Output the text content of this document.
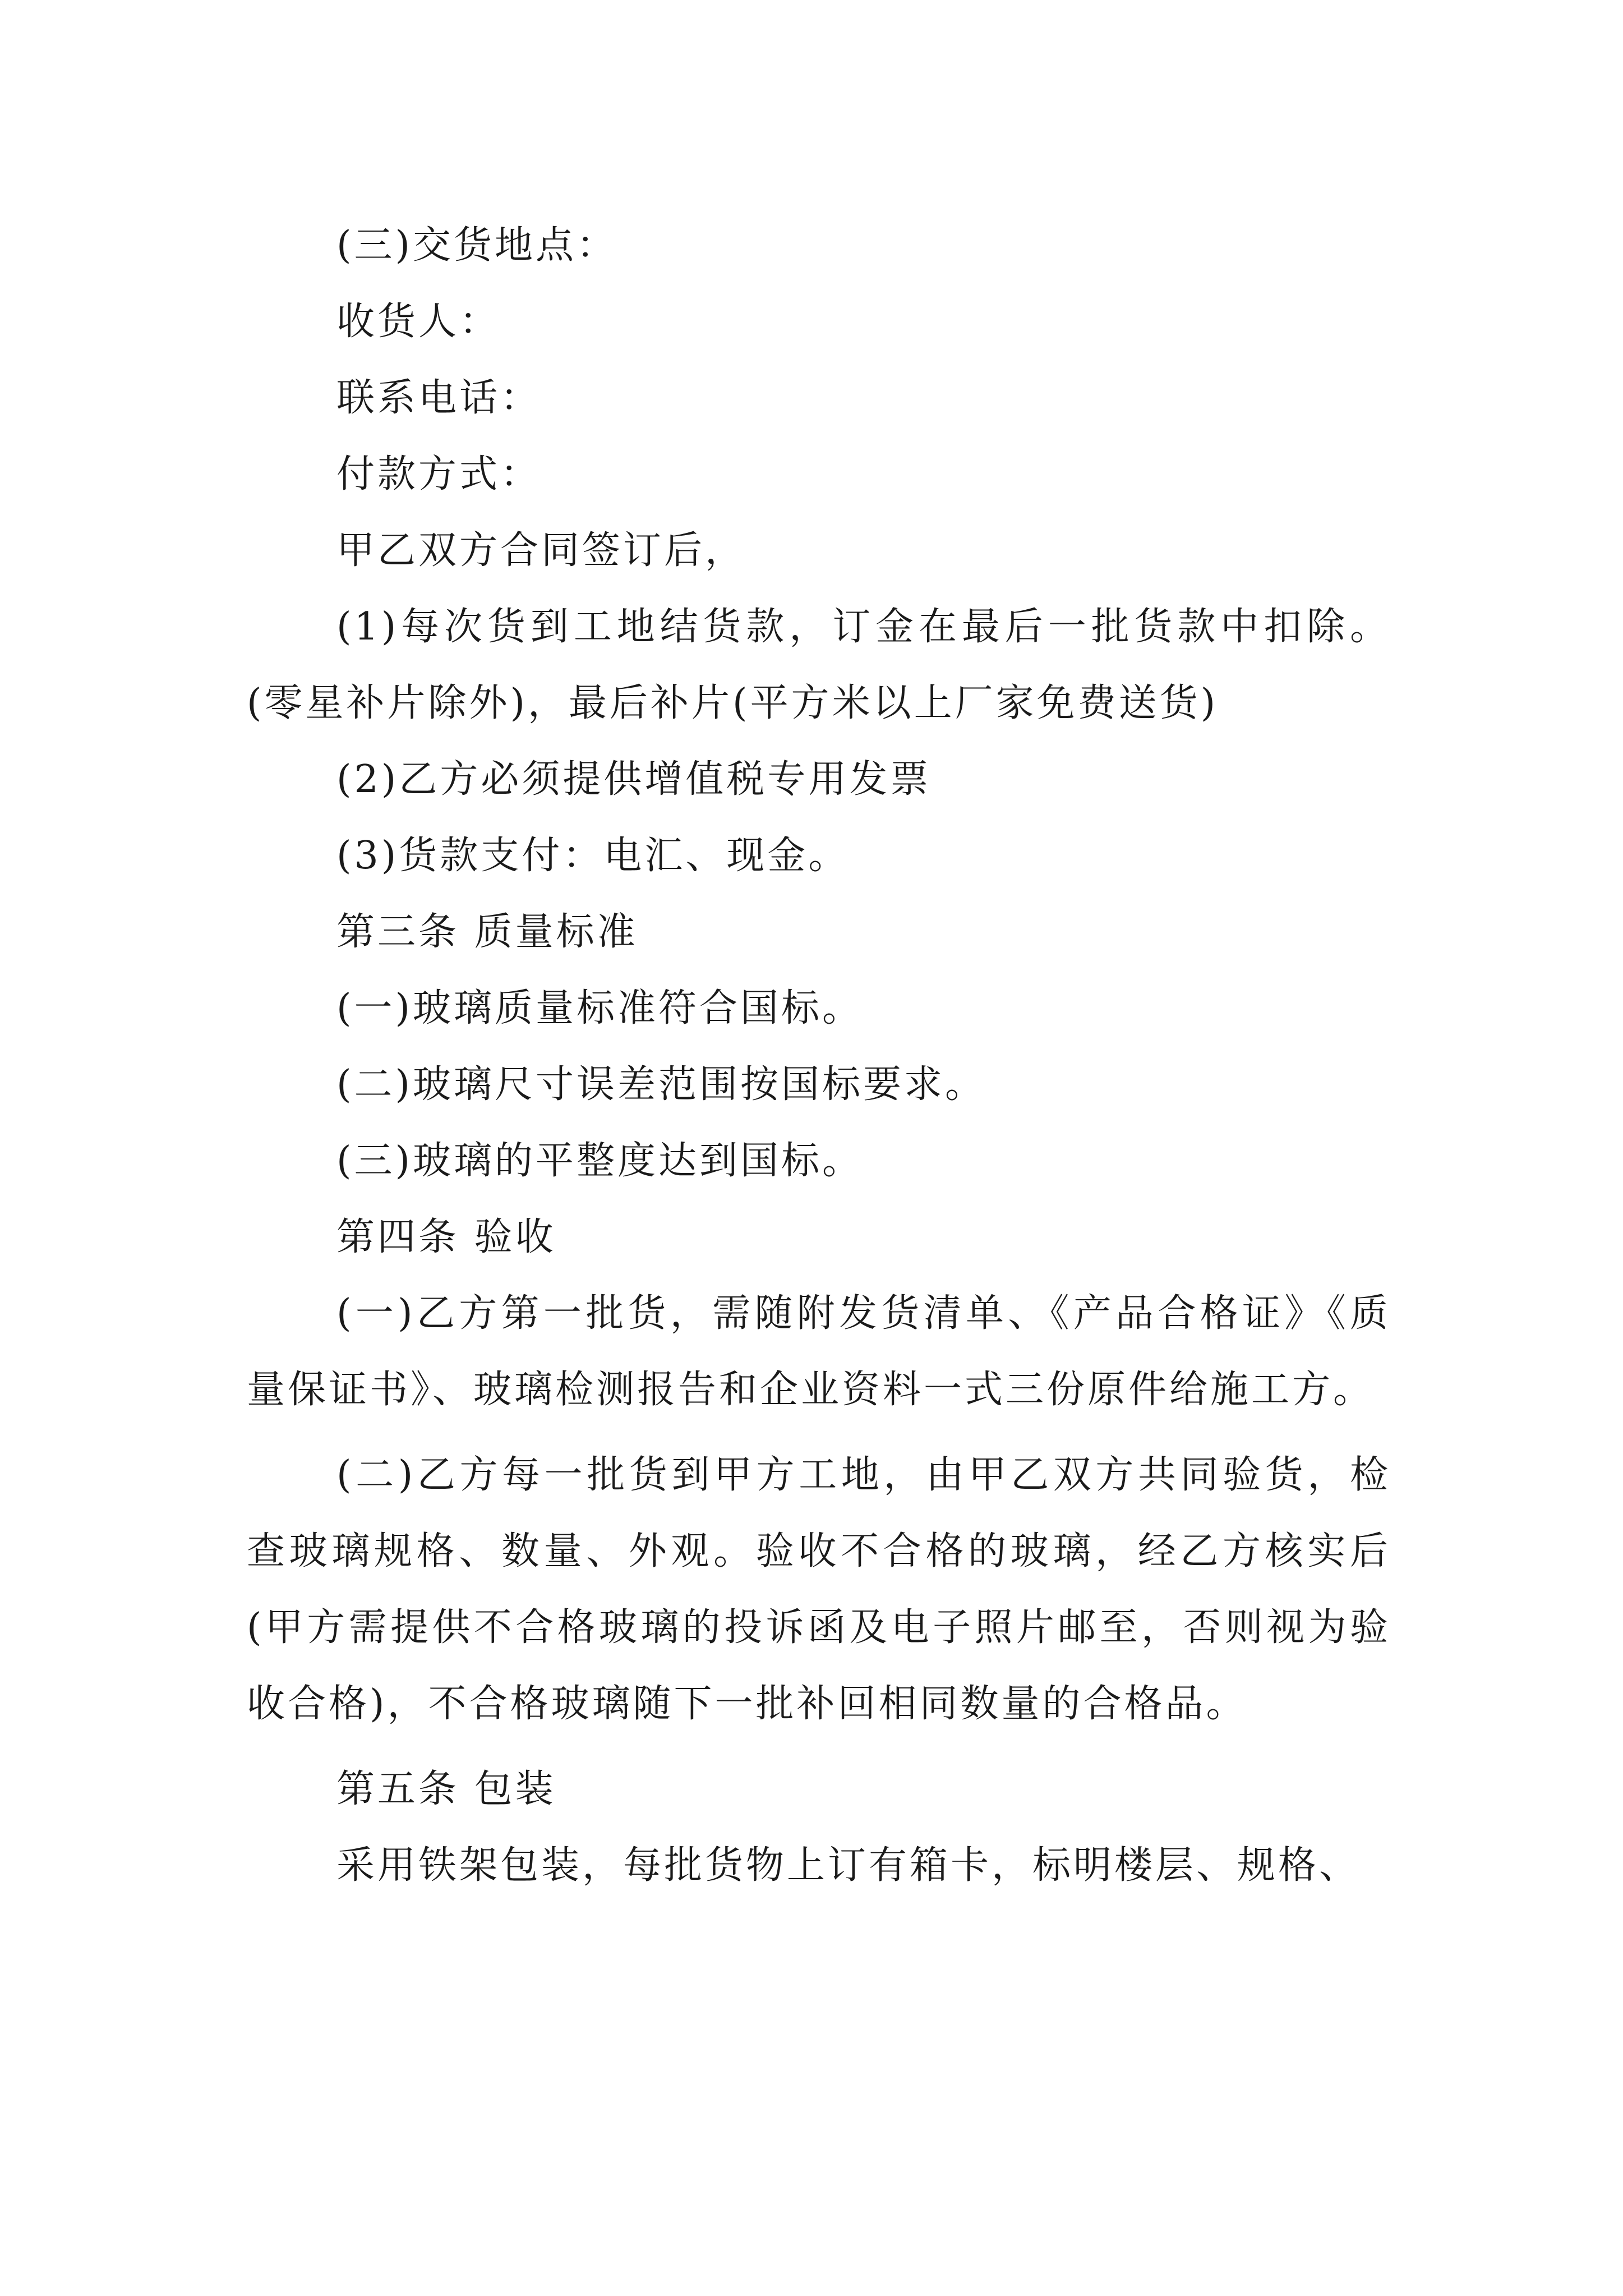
(三)交货地点：
收货人：
联系电话：
付款方式：
甲乙双方合同签订后，
(1)每次货到工地结货款，订金在最后一批货款中扣除。(零星补片除外)，最后补片(平方米以上厂家免费送货)
(2)乙方必须提供增值税专用发票
(3)货款支付：电汇、现金。
第三条 质量标准
(一)玻璃质量标准符合国标。
(二)玻璃尺寸误差范围按国标要求。
(三)玻璃的平整度达到国标。
第四条 验收
(一)乙方第一批货，需随附发货清单、《产品合格证》《质量保证书》、玻璃检测报告和企业资料一式三份原件给施工方。
(二)乙方每一批货到甲方工地，由甲乙双方共同验货，检查玻璃规格、数量、外观。验收不合格的玻璃，经乙方核实后(甲方需提供不合格玻璃的投诉函及电子照片邮至，否则视为验收合格)，不合格玻璃随下一批补回相同数量的合格品。
第五条 包装
采用铁架包装，每批货物上订有箱卡，标明楼层、规格、
